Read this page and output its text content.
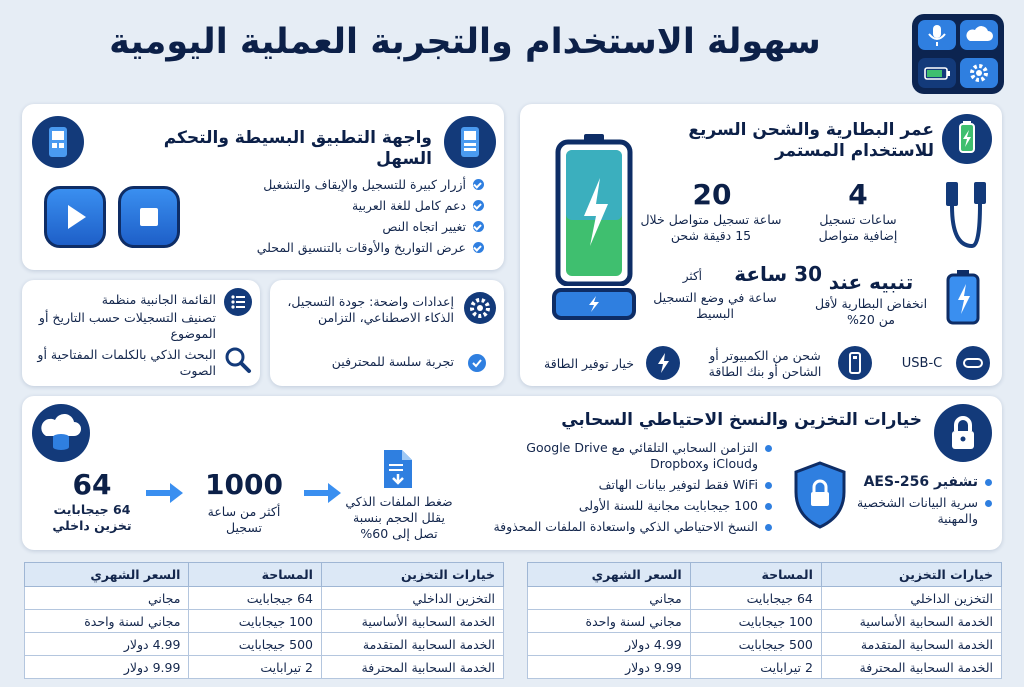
سهولة الاستخدام والتجربة العملية اليومية
واجهة التطبيق البسيطة والتحكم السهل
أزرار كبيرة للتسجيل والإيقاف والتشغيل
دعم كامل للغة العربية
تغيير اتجاه النص
عرض التواريخ والأوقات بالتنسيق المحلي
القائمة الجانبية منظمة
تصنيف التسجيلات حسب التاريخ أو الموضوع
البحث الذكي بالكلمات المفتاحية أو الصوت
إعدادات واضحة: جودة التسجيل، الذكاء الاصطناعي، التزامن
تجربة سلسة للمحترفين
عمر البطارية والشحن السريع للاستخدام المستمر
20
ساعة تسجيل متواصل خلال 15 دقيقة شحن
4
ساعات تسجيل إضافية متواصل
أكثر	30 ساعة
ساعة في وضع التسجيل البسيط
تنبيه عند
انخفاض البطارية لأقل من 20%
خيار توفير الطاقة
شحن من الكمبيوتر أو الشاحن أو بنك الطاقة
USB-C
خيارات التخزين والنسخ الاحتياطي السحابي
64
64 جيجابايت تخزين داخلي
1000
أكثر من ساعة تسجيل
ضغط الملفات الذكي يقلل الحجم بنسبة تصل إلى 60%
التزامن السحابي التلقائي مع Google Drive وiCloud وDropbox
WiFi فقط لتوفير بيانات الهاتف
100 جيجابايت مجانية للسنة الأولى
النسخ الاحتياطي الذكي واستعادة الملفات المحذوفة
تشفير AES-256
سرية البيانات الشخصية والمهنية
خيارات التخزين	المساحة	السعر الشهري
التخزين الداخلي	64 جيجابايت	مجاني
الخدمة السحابية الأساسية	100 جيجابايت	مجاني لسنة واحدة
الخدمة السحابية المتقدمة	500 جيجابايت	4.99 دولار
الخدمة السحابية المحترفة	2 تيرابايت	9.99 دولار
خيارات التخزين	المساحة	السعر الشهري
التخزين الداخلي	64 جيجابايت	مجاني
الخدمة السحابية الأساسية	100 جيجابايت	مجاني لسنة واحدة
الخدمة السحابية المتقدمة	500 جيجابايت	4.99 دولار
الخدمة السحابية المحترفة	2 تيرابايت	9.99 دولار
